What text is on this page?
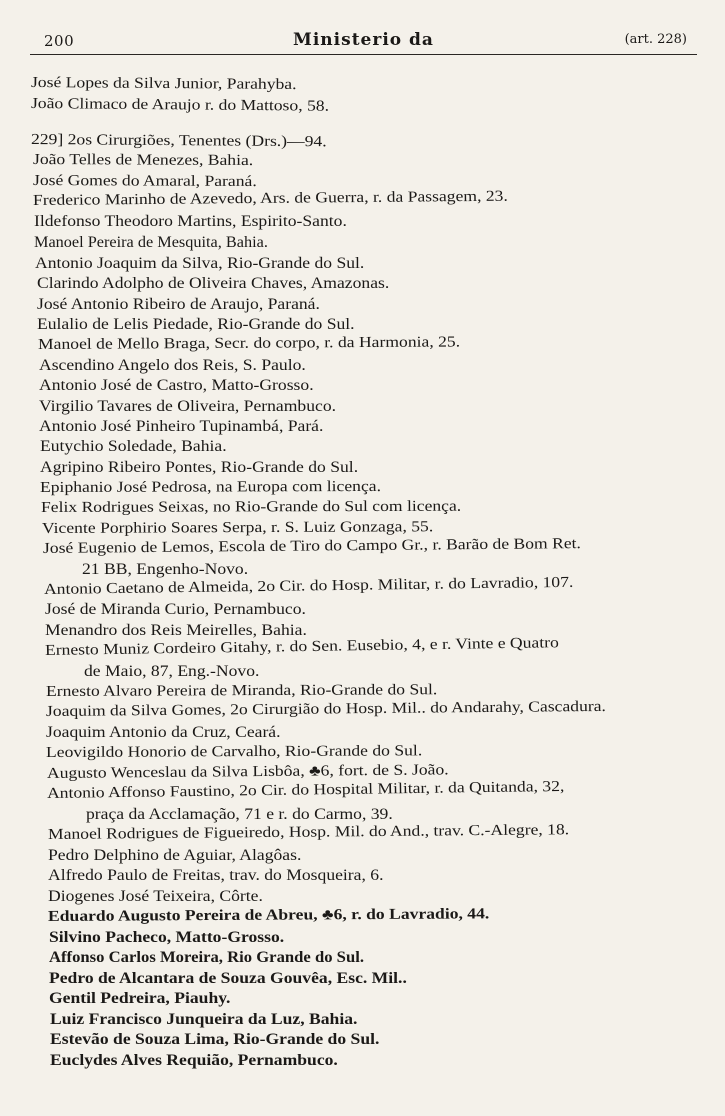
200	Ministerio da	(art. 228)
José Lopes da Silva Junior, Parahyba.
João Climaco de Araujo r. do Mattoso, 58.
229] 2os Cirurgiões, Tenentes (Drs.)—94.
João Telles de Menezes, Bahia.
José Gomes do Amaral, Paraná.
Frederico Marinho de Azevedo, Ars. de Guerra, r. da Passagem, 23.
Ildefonso Theodoro Martins, Espirito-Santo.
Manoel Pereira de Mesquita, Bahia.
Antonio Joaquim da Silva, Rio-Grande do Sul.
Clarindo Adolpho de Oliveira Chaves, Amazonas.
José Antonio Ribeiro de Araujo, Paraná.
Eulalio de Lelis Piedade, Rio-Grande do Sul.
Manoel de Mello Braga, Secr. do corpo, r. da Harmonia, 25.
Ascendino Angelo dos Reis, S. Paulo.
Antonio José de Castro, Matto-Grosso.
Virgilio Tavares de Oliveira, Pernambuco.
Antonio José Pinheiro Tupinambá, Pará.
Eutychio Soledade, Bahia.
Agripino Ribeiro Pontes, Rio-Grande do Sul.
Epiphanio José Pedrosa, na Europa com licença.
Felix Rodrigues Seixas, no Rio-Grande do Sul com licença.
Vicente Porphirio Soares Serpa, r. S. Luiz Gonzaga, 55.
José Eugenio de Lemos, Escola de Tiro do Campo Gr., r. Barão de Bom Ret.
21 BB, Engenho-Novo.
Antonio Caetano de Almeida, 2o Cir. do Hosp. Militar, r. do Lavradio, 107.
José de Miranda Curio, Pernambuco.
Menandro dos Reis Meirelles, Bahia.
Ernesto Muniz Cordeiro Gitahy, r. do Sen. Eusebio, 4, e r. Vinte e Quatro
de Maio, 87, Eng.-Novo.
Ernesto Alvaro Pereira de Miranda, Rio-Grande do Sul.
Joaquim da Silva Gomes, 2o Cirurgião do Hosp. Mil.. do Andarahy, Cascadura.
Joaquim Antonio da Cruz, Ceará.
Leovigildo Honorio de Carvalho, Rio-Grande do Sul.
Augusto Wenceslau da Silva Lisbôa, ♣6, fort. de S. João.
Antonio Affonso Faustino, 2o Cir. do Hospital Militar, r. da Quitanda, 32,
praça da Acclamação, 71 e r. do Carmo, 39.
Manoel Rodrigues de Figueiredo, Hosp. Mil. do And., trav. C.-Alegre, 18.
Pedro Delphino de Aguiar, Alagôas.
Alfredo Paulo de Freitas, trav. do Mosqueira, 6.
Diogenes José Teixeira, Côrte.
Eduardo Augusto Pereira de Abreu, ♣6, r. do Lavradio, 44.
Silvino Pacheco, Matto-Grosso.
Affonso Carlos Moreira, Rio Grande do Sul.
Pedro de Alcantara de Souza Gouvêa, Esc. Mil..
Gentil Pedreira, Piauhy.
Luiz Francisco Junqueira da Luz, Bahia.
Estevão de Souza Lima, Rio-Grande do Sul.
Euclydes Alves Requião, Pernambuco.
